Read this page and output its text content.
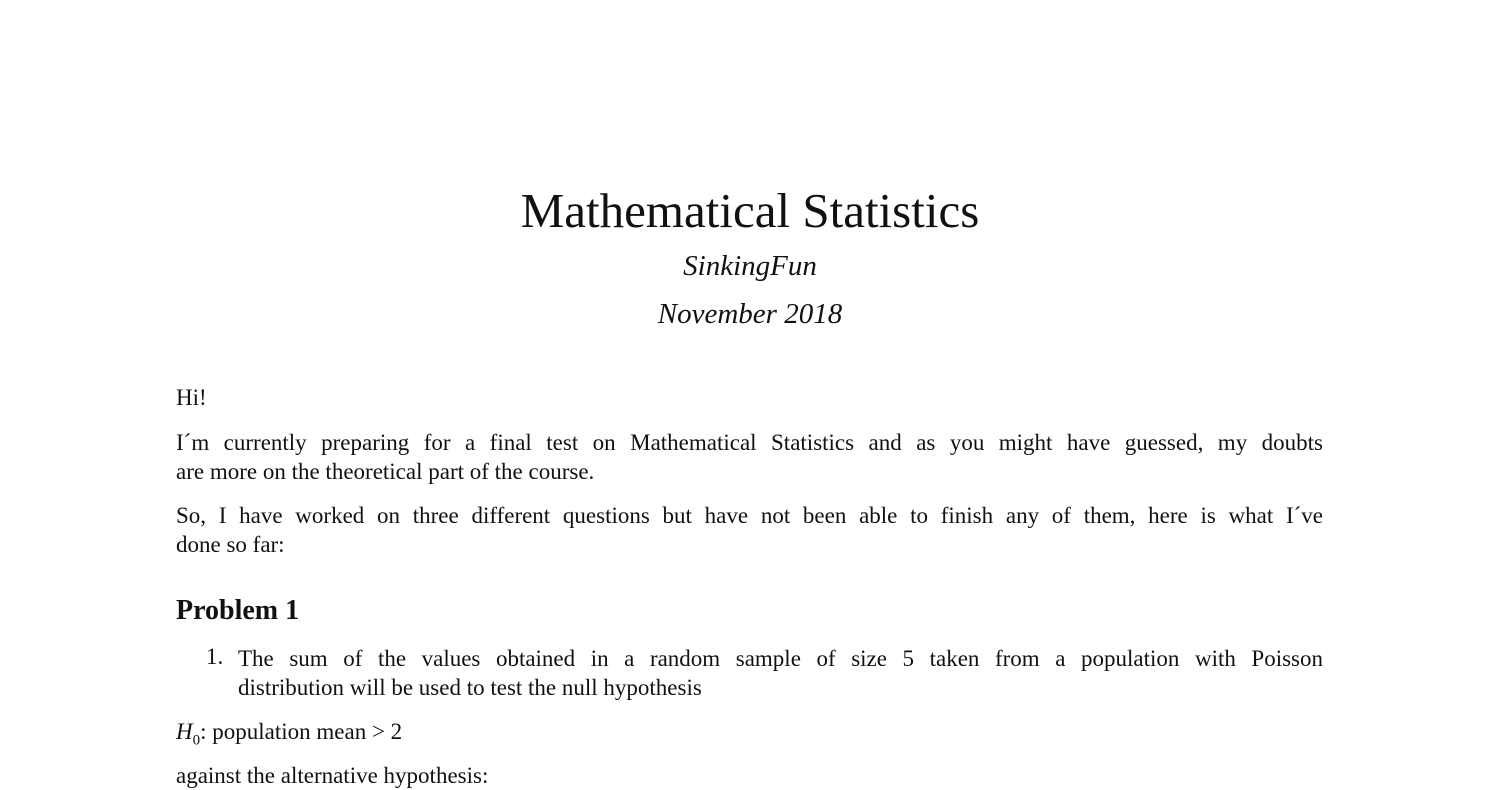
Mathematical Statistics
SinkingFun
November 2018
Hi!
I´m currently preparing for a final test on Mathematical Statistics and as you might have guessed, my doubts
are more on the theoretical part of the course.
So, I have worked on three different questions but have not been able to finish any of them, here is what I´ve
done so far:
Problem 1
1. The sum of the values obtained in a random sample of size 5 taken from a population with Poisson
distribution will be used to test the null hypothesis
$H_0$: population mean > 2
against the alternative hypothesis:
